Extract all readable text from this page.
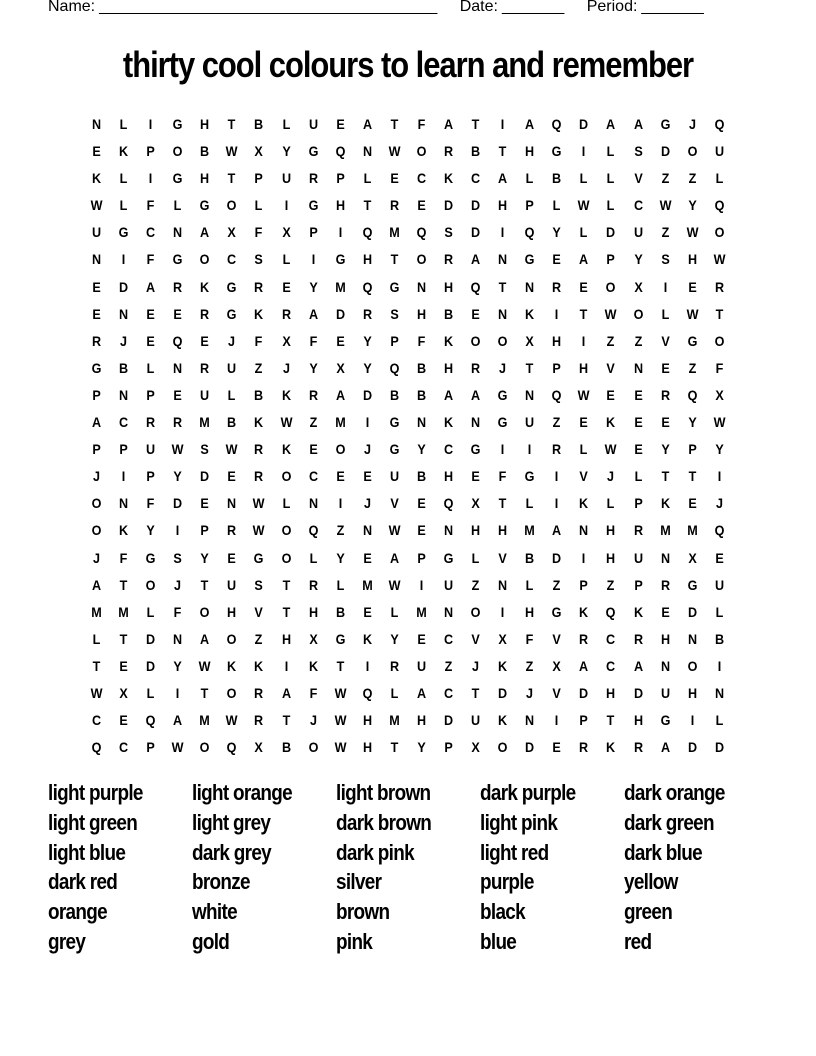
Name: ______________________________________ Date: _______ Period: _______
thirty cool colours to learn and remember
N	L	I	G	H	T	B	L	U	E	A	T	F	A	T	I	A	Q	D	A	A	G	J	Q
E	K	P	O	B	W	X	Y	G	Q	N	W	O	R	B	T	H	G	I	L	S	D	O	U
K	L	I	G	H	T	P	U	R	P	L	E	C	K	C	A	L	B	L	L	V	Z	Z	L
W	L	F	L	G	O	L	I	G	H	T	R	E	D	D	H	P	L	W	L	C	W	Y	Q
U	G	C	N	A	X	F	X	P	I	Q	M	Q	S	D	I	Q	Y	L	D	U	Z	W	O
N	I	F	G	O	C	S	L	I	G	H	T	O	R	A	N	G	E	A	P	Y	S	H	W
E	D	A	R	K	G	R	E	Y	M	Q	G	N	H	Q	T	N	R	E	O	X	I	E	R
E	N	E	E	R	G	K	R	A	D	R	S	H	B	E	N	K	I	T	W	O	L	W	T
R	J	E	Q	E	J	F	X	F	E	Y	P	F	K	O	O	X	H	I	Z	Z	V	G	O
G	B	L	N	R	U	Z	J	Y	X	Y	Q	B	H	R	J	T	P	H	V	N	E	Z	F
P	N	P	E	U	L	B	K	R	A	D	B	B	A	A	G	N	Q	W	E	E	R	Q	X
A	C	R	R	M	B	K	W	Z	M	I	G	N	K	N	G	U	Z	E	K	E	E	Y	W
P	P	U	W	S	W	R	K	E	O	J	G	Y	C	G	I	I	R	L	W	E	Y	P	Y
J	I	P	Y	D	E	R	O	C	E	E	U	B	H	E	F	G	I	V	J	L	T	T	I
O	N	F	D	E	N	W	L	N	I	J	V	E	Q	X	T	L	I	K	L	P	K	E	J
O	K	Y	I	P	R	W	O	Q	Z	N	W	E	N	H	H	M	A	N	H	R	M	M	Q
J	F	G	S	Y	E	G	O	L	Y	E	A	P	G	L	V	B	D	I	H	U	N	X	E
A	T	O	J	T	U	S	T	R	L	M	W	I	U	Z	N	L	Z	P	Z	P	R	G	U
M	M	L	F	O	H	V	T	H	B	E	L	M	N	O	I	H	G	K	Q	K	E	D	L
L	T	D	N	A	O	Z	H	X	G	K	Y	E	C	V	X	F	V	R	C	R	H	N	B
T	E	D	Y	W	K	K	I	K	T	I	R	U	Z	J	K	Z	X	A	C	A	N	O	I
W	X	L	I	T	O	R	A	F	W	Q	L	A	C	T	D	J	V	D	H	D	U	H	N
C	E	Q	A	M	W	R	T	J	W	H	M	H	D	U	K	N	I	P	T	H	G	I	L
Q	C	P	W	O	Q	X	B	O	W	H	T	Y	P	X	O	D	E	R	K	R	A	D	D
light purple	light orange	light brown	dark purple	dark orange
light green	light grey	dark brown	light pink	dark green
light blue	dark grey	dark pink	light red	dark blue
dark red	bronze	silver	purple	yellow
orange	white	brown	black	green
grey	gold	pink	blue	red
